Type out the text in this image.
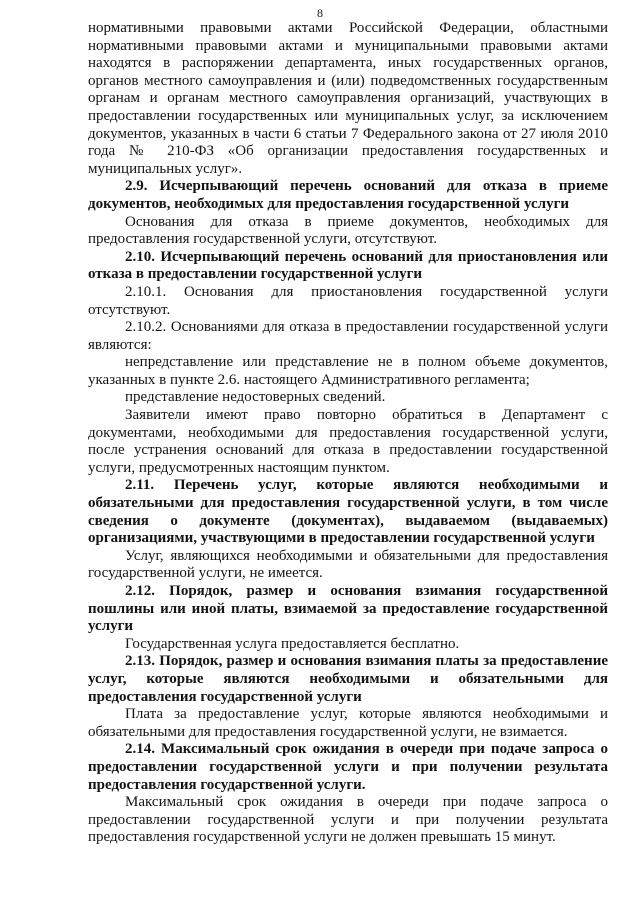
8

нормативными правовыми актами Российской Федерации, областными нормативными правовыми актами и муниципальными правовыми актами находятся в распоряжении департамента, иных государственных органов, органов местного самоуправления и (или) подведомственных государственным органам и органам местного самоуправления организаций, участвующих в предоставлении государственных или муниципальных услуг, за исключением документов, указанных в части 6 статьи 7 Федерального закона от 27 июля 2010 года № 210-ФЗ «Об организации предоставления государственных и муниципальных услуг».

2.9. Исчерпывающий перечень оснований для отказа в приеме документов, необходимых для предоставления государственной услуги

Основания для отказа в приеме документов, необходимых для предоставления государственной услуги, отсутствуют.

2.10. Исчерпывающий перечень оснований для приостановления или отказа в предоставлении государственной услуги

2.10.1. Основания для приостановления государственной услуги отсутствуют.

2.10.2. Основаниями для отказа в предоставлении государственной услуги являются:

непредставление или представление не в полном объеме документов, указанных в пункте 2.6. настоящего Административного регламента;

представление недостоверных сведений.

Заявители имеют право повторно обратиться в Департамент с документами, необходимыми для предоставления государственной услуги, после устранения оснований для отказа в предоставлении государственной услуги, предусмотренных настоящим пунктом.

2.11. Перечень услуг, которые являются необходимыми и обязательными для предоставления государственной услуги, в том числе сведения о документе (документах), выдаваемом (выдаваемых) организациями, участвующими в предоставлении государственной услуги

Услуг, являющихся необходимыми и обязательными для предоставления государственной услуги, не имеется.

2.12. Порядок, размер и основания взимания государственной пошлины или иной платы, взимаемой за предоставление государственной услуги

Государственная услуга предоставляется бесплатно.

2.13. Порядок, размер и основания взимания платы за предоставление услуг, которые являются необходимыми и обязательными для предоставления государственной услуги

Плата за предоставление услуг, которые являются необходимыми и обязательными для предоставления государственной услуги, не взимается.

2.14. Максимальный срок ожидания в очереди при подаче запроса о предоставлении государственной услуги и при получении результата предоставления государственной услуги.

Максимальный срок ожидания в очереди при подаче запроса о предоставлении государственной услуги и при получении результата предоставления государственной услуги не должен превышать 15 минут.
